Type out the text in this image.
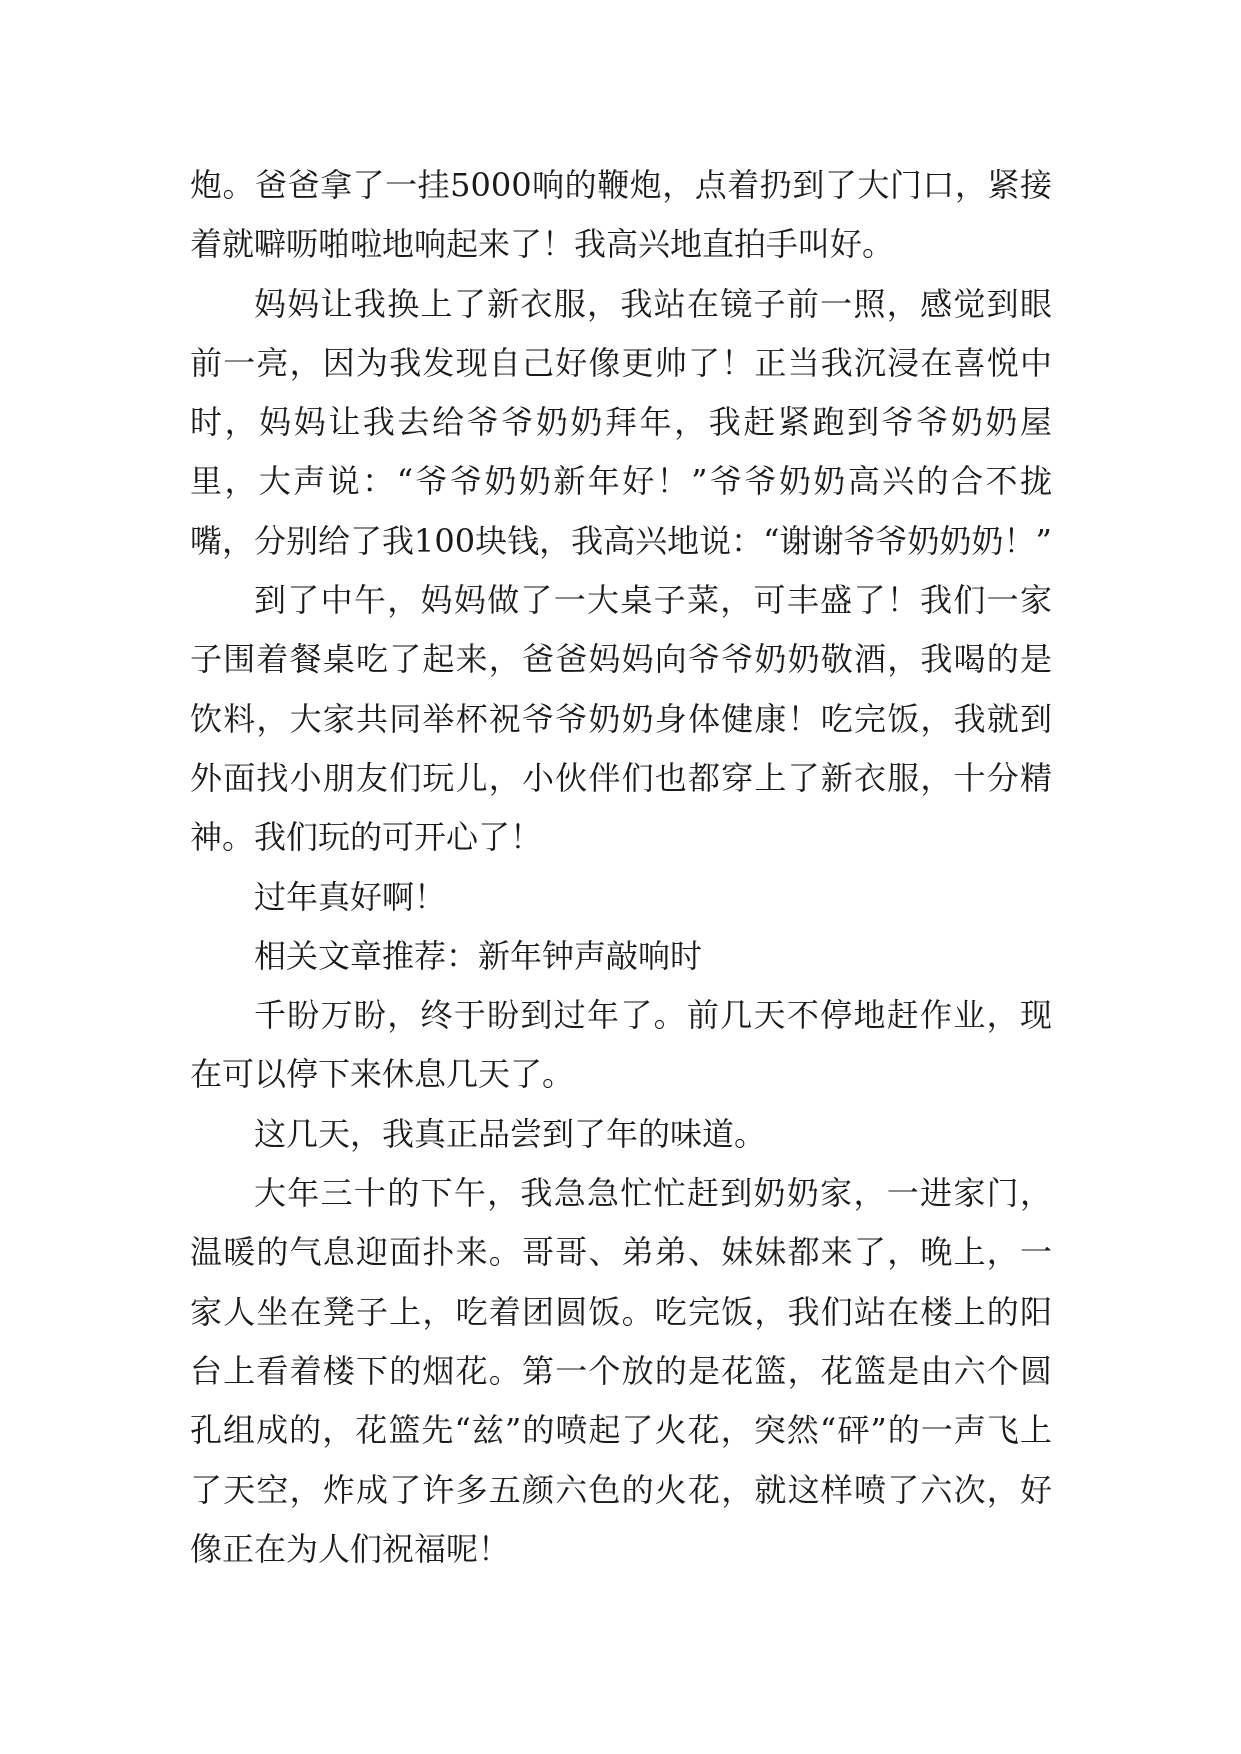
炮。爸爸拿了一挂5000响的鞭炮，点着扔到了大门口，紧接着就噼呖啪啦地响起来了！我高兴地直拍手叫好。

妈妈让我换上了新衣服，我站在镜子前一照，感觉到眼前一亮，因为我发现自己好像更帅了！正当我沉浸在喜悦中时，妈妈让我去给爷爷奶奶拜年，我赶紧跑到爷爷奶奶屋里，大声说：“爷爷奶奶新年好！”爷爷奶奶高兴的合不拢嘴，分别给了我100块钱，我高兴地说：“谢谢爷爷奶奶奶！”

到了中午，妈妈做了一大桌子菜，可丰盛了！我们一家子围着餐桌吃了起来，爸爸妈妈向爷爷奶奶敬酒，我喝的是饮料，大家共同举杯祝爷爷奶奶身体健康！吃完饭，我就到外面找小朋友们玩儿，小伙伴们也都穿上了新衣服，十分精神。我们玩的可开心了！

过年真好啊！

相关文章推荐：新年钟声敲响时

千盼万盼，终于盼到过年了。前几天不停地赶作业，现在可以停下来休息几天了。

这几天，我真正品尝到了年的味道。

大年三十的下午，我急急忙忙赶到奶奶家，一进家门，温暖的气息迎面扑来。哥哥、弟弟、妹妹都来了，晚上，一家人坐在凳子上，吃着团圆饭。吃完饭，我们站在楼上的阳台上看着楼下的烟花。第一个放的是花篮，花篮是由六个圆孔组成的，花篮先“兹”的喷起了火花，突然“砰”的一声飞上了天空，炸成了许多五颜六色的火花，就这样喷了六次，好像正在为人们祝福呢！
